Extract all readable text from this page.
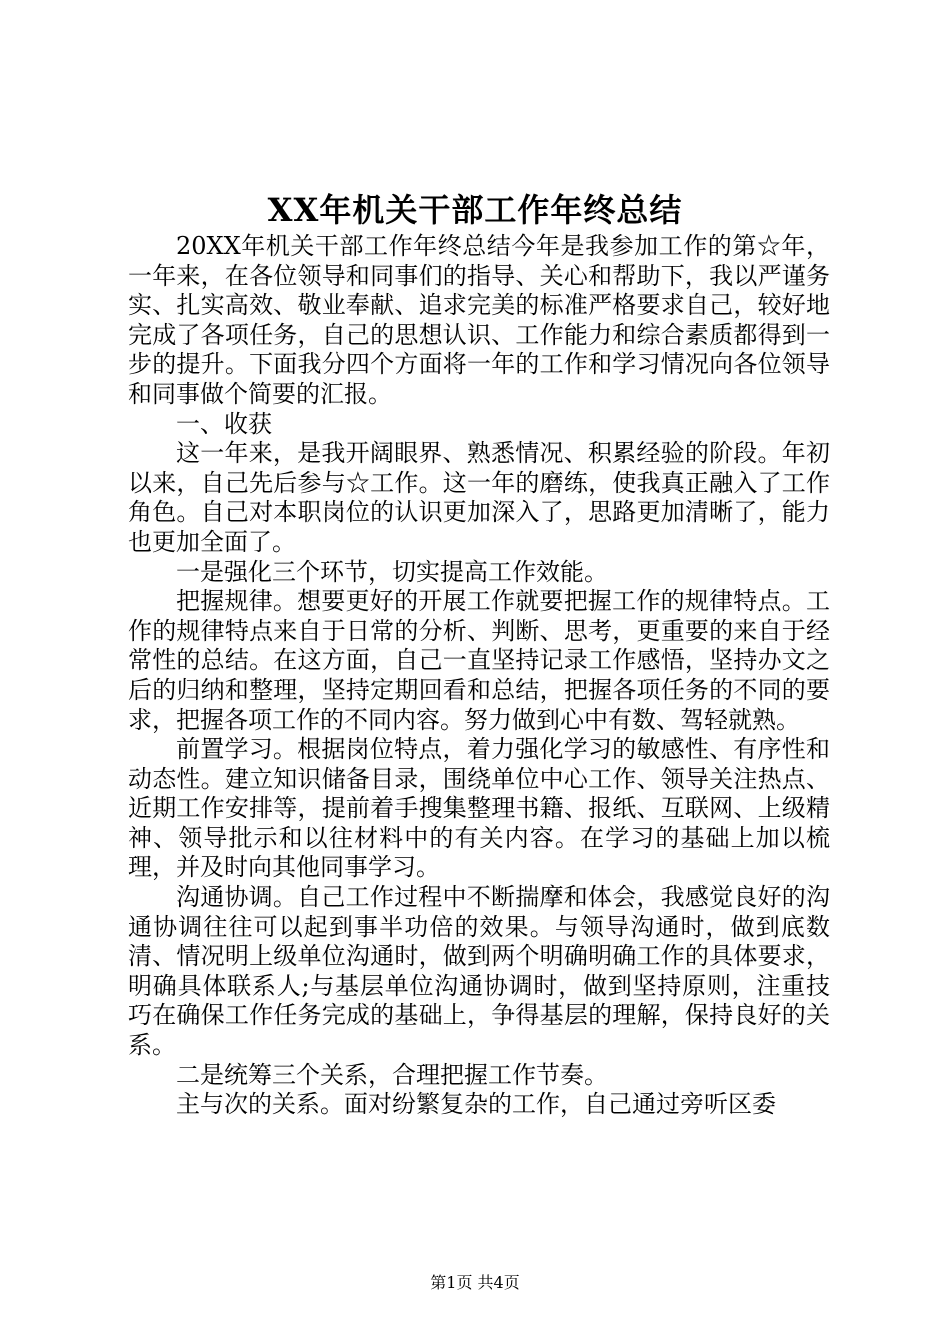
XX年机关干部工作年终总结

20XX年机关干部工作年终总结今年是我参加工作的第☆年，一年来，在各位领导和同事们的指导、关心和帮助下，我以严谨务实、扎实高效、敬业奉献、追求完美的标准严格要求自己，较好地完成了各项任务，自己的思想认识、工作能力和综合素质都得到一步的提升。下面我分四个方面将一年的工作和学习情况向各位领导和同事做个简要的汇报。

一、收获

这一年来，是我开阔眼界、熟悉情况、积累经验的阶段。年初以来，自己先后参与☆工作。这一年的磨练，使我真正融入了工作角色。自己对本职岗位的认识更加深入了，思路更加清晰了，能力也更加全面了。

一是强化三个环节，切实提高工作效能。

把握规律。想要更好的开展工作就要把握工作的规律特点。工作的规律特点来自于日常的分析、判断、思考，更重要的来自于经常性的总结。在这方面，自己一直坚持记录工作感悟，坚持办文之后的归纳和整理，坚持定期回看和总结，把握各项任务的不同的要求，把握各项工作的不同内容。努力做到心中有数、驾轻就熟。

前置学习。根据岗位特点，着力强化学习的敏感性、有序性和动态性。建立知识储备目录，围绕单位中心工作、领导关注热点、近期工作安排等，提前着手搜集整理书籍、报纸、互联网、上级精神、领导批示和以往材料中的有关内容。在学习的基础上加以梳理，并及时向其他同事学习。

沟通协调。自己工作过程中不断揣摩和体会，我感觉良好的沟通协调往往可以起到事半功倍的效果。与领导沟通时，做到底数清、情况明上级单位沟通时，做到两个明确明确工作的具体要求，明确具体联系人;与基层单位沟通协调时，做到坚持原则，注重技巧在确保工作任务完成的基础上，争得基层的理解，保持良好的关系。

二是统筹三个关系，合理把握工作节奏。

主与次的关系。面对纷繁复杂的工作，自己通过旁听区委

第1页 共4页
